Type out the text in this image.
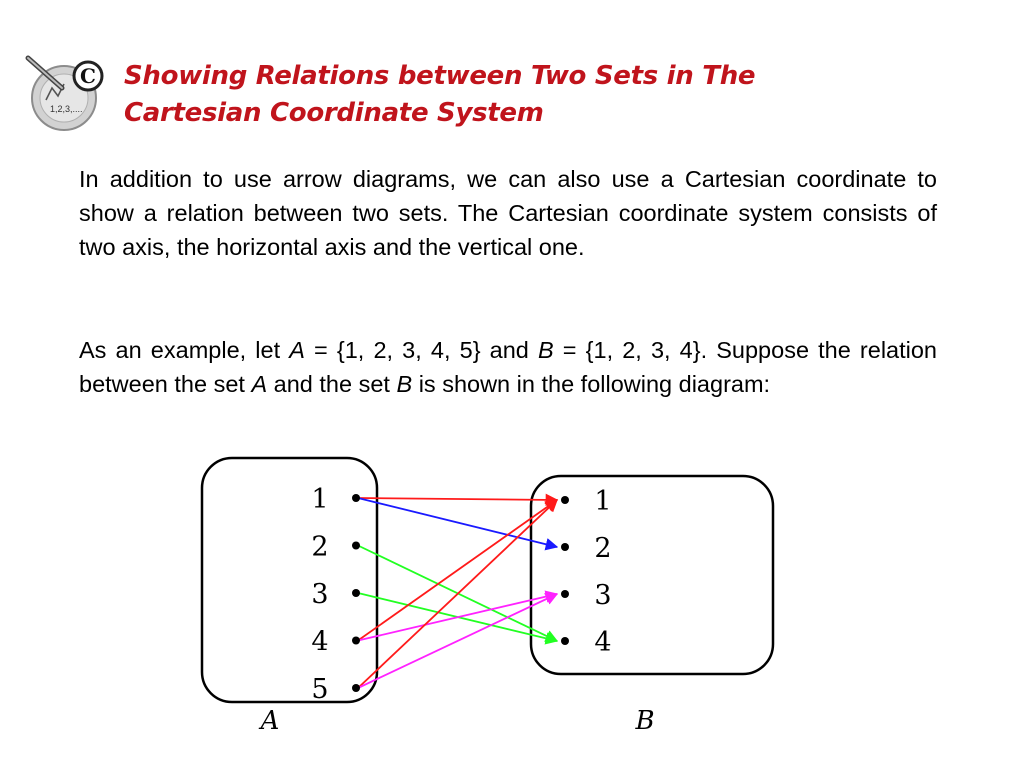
1,2,3,....
C Showing Relations between Two Sets in The
Cartesian Coordinate System
In addition to use arrow diagrams, we can also use a Cartesian coordinate to show a relation between two sets. The Cartesian coordinate system consists of two axis, the horizontal axis and the vertical one.
As an example, let A = {1, 2, 3, 4, 5} and B = {1, 2, 3, 4}. Suppose the relation between the set A and the set B is shown in the following diagram:
1
2
3
4
5
1
2
3
4
A	B
